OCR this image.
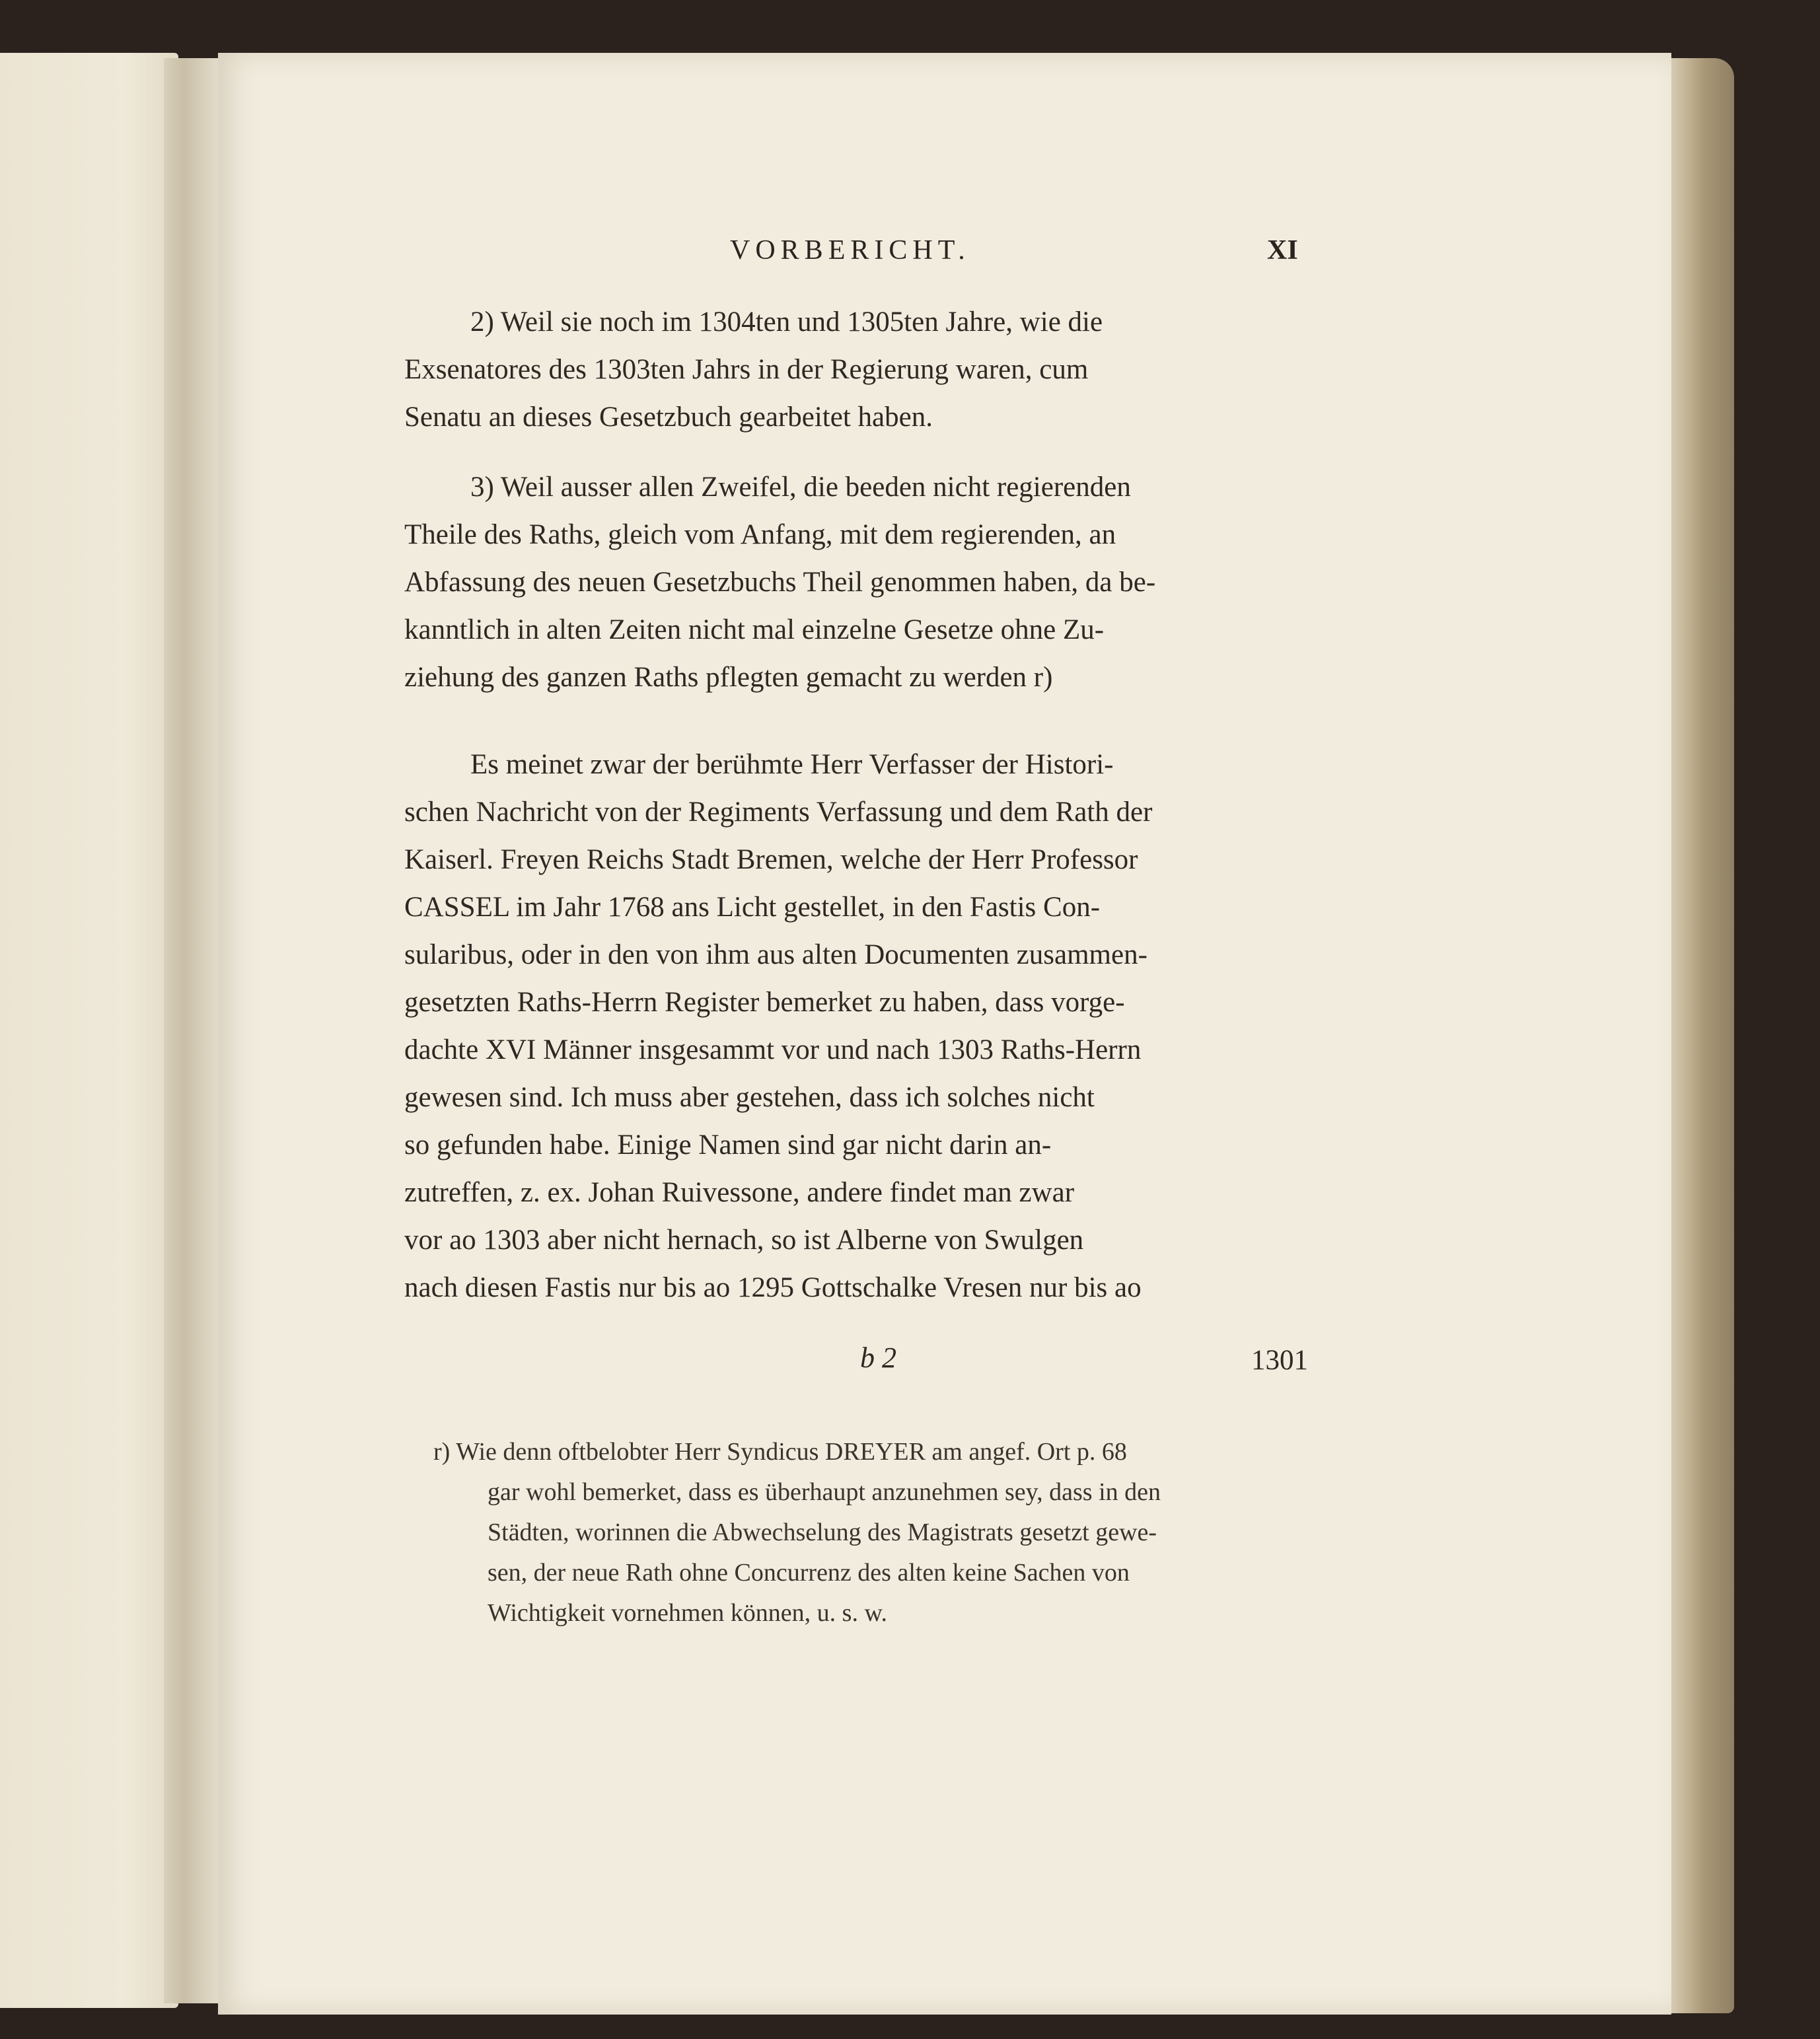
VORBERICHT.	XI

2) Weil sie noch im 1304ten und 1305ten Jahre, wie die

Exsenatores des 1303ten Jahrs in der Regierung waren, cum

Senatu an dieses Gesetzbuch gearbeitet haben.

3) Weil ausser allen Zweifel, die beeden nicht regierenden

Theile des Raths, gleich vom Anfang, mit dem regierenden, an

Abfassung des neuen Gesetzbuchs Theil genommen haben, da be-

kanntlich in alten Zeiten nicht mal einzelne Gesetze ohne Zu-

ziehung des ganzen Raths pflegten gemacht zu werden r)

Es meinet zwar der berühmte Herr Verfasser der Histori-

schen Nachricht von der Regiments Verfassung und dem Rath der

Kaiserl. Freyen Reichs Stadt Bremen, welche der Herr Professor

CASSEL im Jahr 1768 ans Licht gestellet, in den Fastis Con-

sularibus, oder in den von ihm aus alten Documenten zusammen-

gesetzten Raths-Herrn Register bemerket zu haben, dass vorge-

dachte XVI Männer insgesammt vor und nach 1303 Raths-Herrn

gewesen sind. Ich muss aber gestehen, dass ich solches nicht

so gefunden habe. Einige Namen sind gar nicht darin an-

zutreffen, z. ex. Johan Ruivessone, andere findet man zwar

vor ao 1303 aber nicht hernach, so ist Alberne von Swulgen

nach diesen Fastis nur bis ao 1295 Gottschalke Vresen nur bis ao

b 2	1301

r) Wie denn oftbelobter Herr Syndicus DREYER am angef. Ort p. 68

gar wohl bemerket, dass es überhaupt anzunehmen sey, dass in den

Städten, worinnen die Abwechselung des Magistrats gesetzt gewe-

sen, der neue Rath ohne Concurrenz des alten keine Sachen von

Wichtigkeit vornehmen können, u. s. w.
